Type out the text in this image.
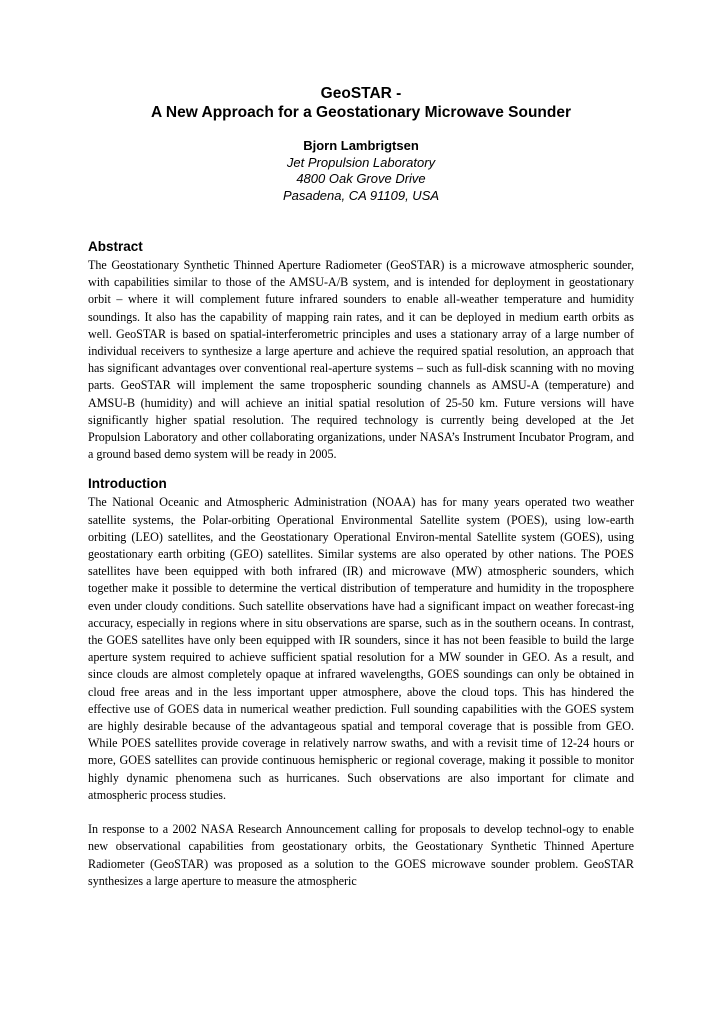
GeoSTAR -
A New Approach for a Geostationary Microwave Sounder
Bjorn Lambrigtsen
Jet Propulsion Laboratory
4800 Oak Grove Drive
Pasadena, CA 91109, USA
Abstract

The Geostationary Synthetic Thinned Aperture Radiometer (GeoSTAR) is a microwave atmospheric sounder, with capabilities similar to those of the AMSU-A/B system, and is intended for deployment in geostationary orbit – where it will complement future infrared sounders to enable all-weather temperature and humidity soundings. It also has the capability of mapping rain rates, and it can be deployed in medium earth orbits as well. GeoSTAR is based on spatial-interferometric principles and uses a stationary array of a large number of individual receivers to synthesize a large aperture and achieve the required spatial resolution, an approach that has significant advantages over conventional real-aperture systems – such as full-disk scanning with no moving parts. GeoSTAR will implement the same tropospheric sounding channels as AMSU-A (temperature) and AMSU-B (humidity) and will achieve an initial spatial resolution of 25-50 km. Future versions will have significantly higher spatial resolution. The required technology is currently being developed at the Jet Propulsion Laboratory and other collaborating organizations, under NASA’s Instrument Incubator Program, and a ground based demo system will be ready in 2005.

Introduction

The National Oceanic and Atmospheric Administration (NOAA) has for many years operated two weather satellite systems, the Polar-orbiting Operational Environmental Satellite system (POES), using low-earth orbiting (LEO) satellites, and the Geostationary Operational Environ-mental Satellite system (GOES), using geostationary earth orbiting (GEO) satellites. Similar systems are also operated by other nations. The POES satellites have been equipped with both infrared (IR) and microwave (MW) atmospheric sounders, which together make it possible to determine the vertical distribution of temperature and humidity in the troposphere even under cloudy conditions. Such satellite observations have had a significant impact on weather forecast-ing accuracy, especially in regions where in situ observations are sparse, such as in the southern oceans. In contrast, the GOES satellites have only been equipped with IR sounders, since it has not been feasible to build the large aperture system required to achieve sufficient spatial resolution for a MW sounder in GEO. As a result, and since clouds are almost completely opaque at infrared wavelengths, GOES soundings can only be obtained in cloud free areas and in the less important upper atmosphere, above the cloud tops. This has hindered the effective use of GOES data in numerical weather prediction. Full sounding capabilities with the GOES system are highly desirable because of the advantageous spatial and temporal coverage that is possible from GEO. While POES satellites provide coverage in relatively narrow swaths, and with a revisit time of 12-24 hours or more, GOES satellites can provide continuous hemispheric or regional coverage, making it possible to monitor highly dynamic phenomena such as hurricanes. Such observations are also important for climate and atmospheric process studies.

In response to a 2002 NASA Research Announcement calling for proposals to develop technol-ogy to enable new observational capabilities from geostationary orbits, the Geostationary Synthetic Thinned Aperture Radiometer (GeoSTAR) was proposed as a solution to the GOES microwave sounder problem. GeoSTAR synthesizes a large aperture to measure the atmospheric
